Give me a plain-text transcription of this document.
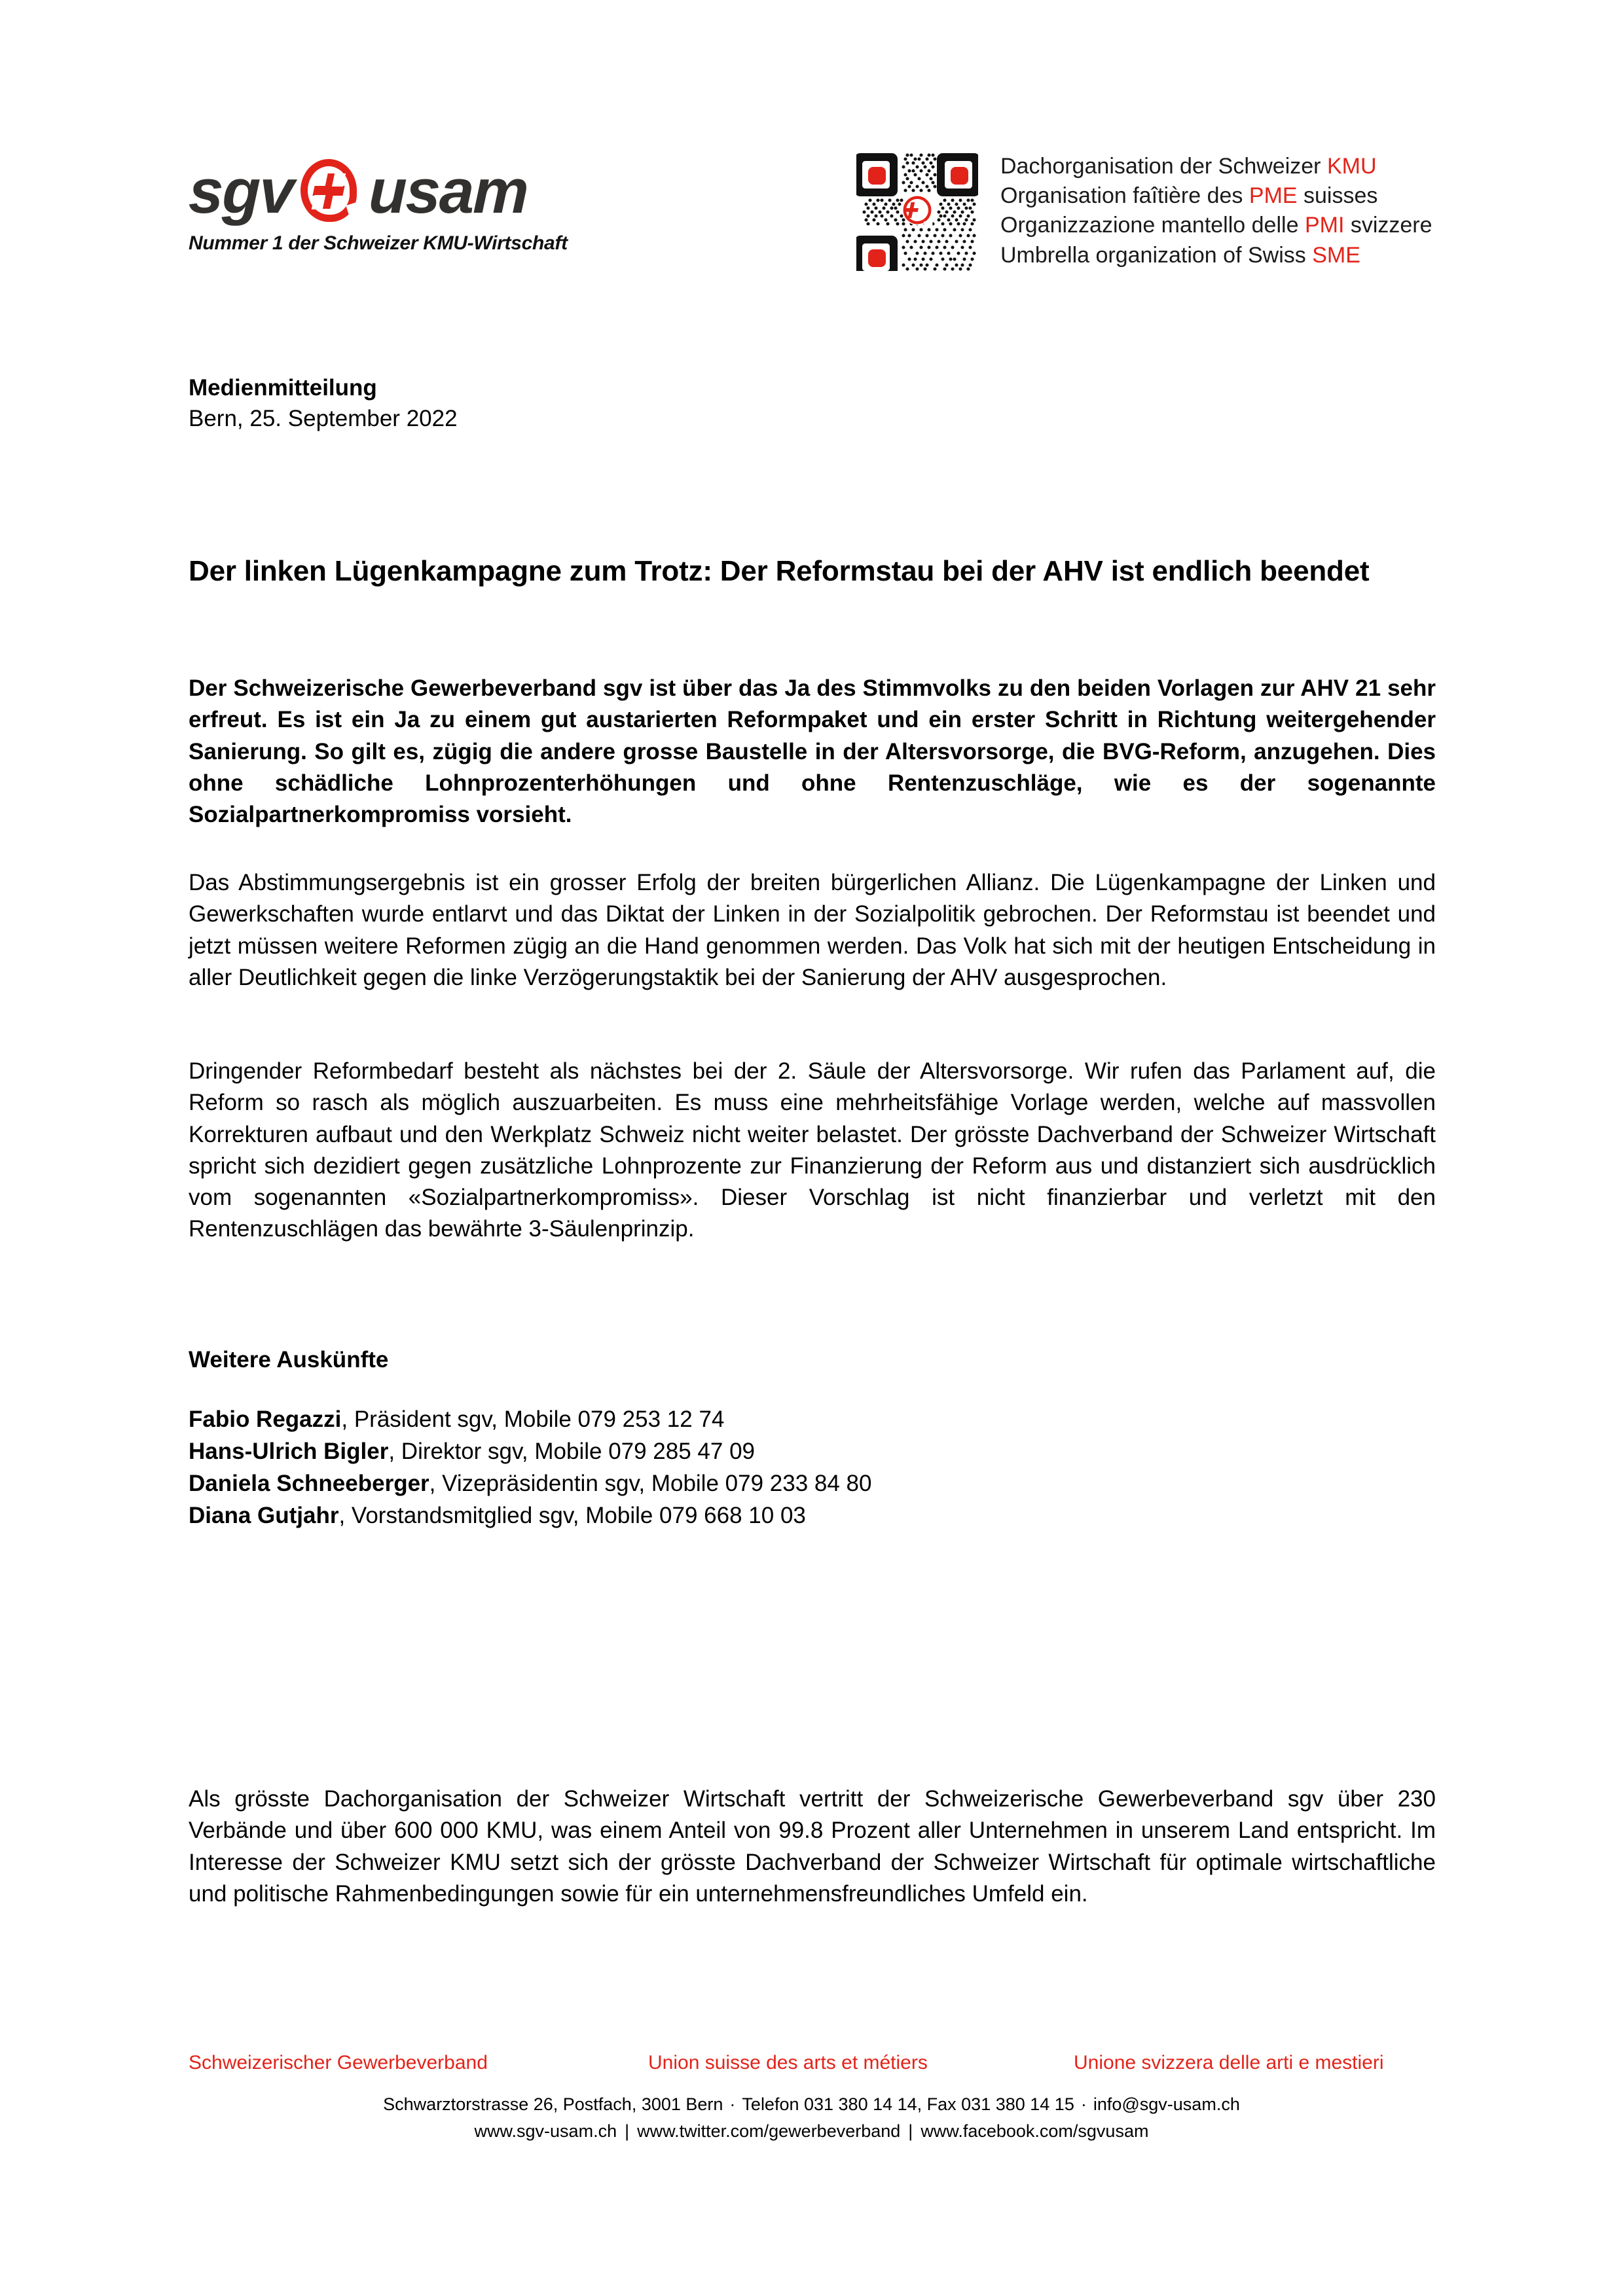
sgv usam
Nummer 1 der Schweizer KMU-Wirtschaft
Dachorganisation der Schweizer KMU
Organisation faîtière des PME suisses
Organizzazione mantello delle PMI svizzere
Umbrella organization of Swiss SME
Medienmitteilung
Bern, 25. September 2022
Der linken Lügenkampagne zum Trotz: Der Reformstau bei der AHV ist endlich beendet

Der Schweizerische Gewerbeverband sgv ist über das Ja des Stimmvolks zu den beiden Vorlagen zur AHV 21 sehr erfreut. Es ist ein Ja zu einem gut austarierten Reformpaket und ein erster Schritt in Richtung weitergehender Sanierung. So gilt es, zügig die andere grosse Baustelle in der Altersvorsorge, die BVG-Reform, anzugehen. Dies ohne schädliche Lohnprozenterhöhungen und ohne Rentenzuschläge, wie es der sogenannte Sozialpartnerkompromiss vorsieht.

Das Abstimmungsergebnis ist ein grosser Erfolg der breiten bürgerlichen Allianz. Die Lügenkampagne der Linken und Gewerkschaften wurde entlarvt und das Diktat der Linken in der Sozialpolitik gebrochen. Der Reformstau ist beendet und jetzt müssen weitere Reformen zügig an die Hand genommen werden. Das Volk hat sich mit der heutigen Entscheidung in aller Deutlichkeit gegen die linke Verzögerungstaktik bei der Sanierung der AHV ausgesprochen.

Dringender Reformbedarf besteht als nächstes bei der 2. Säule der Altersvorsorge. Wir rufen das Parlament auf, die Reform so rasch als möglich auszuarbeiten. Es muss eine mehrheitsfähige Vorlage werden, welche auf massvollen Korrekturen aufbaut und den Werkplatz Schweiz nicht weiter belastet. Der grösste Dachverband der Schweizer Wirtschaft spricht sich dezidiert gegen zusätzliche Lohnprozente zur Finanzierung der Reform aus und distanziert sich ausdrücklich vom sogenannten «Sozialpartnerkompromiss». Dieser Vorschlag ist nicht finanzierbar und verletzt mit den Rentenzuschlägen das bewährte 3-Säulenprinzip.

Weitere Auskünfte
Fabio Regazzi, Präsident sgv, Mobile 079 253 12 74
Hans-Ulrich Bigler, Direktor sgv, Mobile 079 285 47 09
Daniela Schneeberger, Vizepräsidentin sgv, Mobile 079 233 84 80
Diana Gutjahr, Vorstandsmitglied sgv, Mobile 079 668 10 03

Als grösste Dachorganisation der Schweizer Wirtschaft vertritt der Schweizerische Gewerbeverband sgv über 230 Verbände und über 600 000 KMU, was einem Anteil von 99.8 Prozent aller Unternehmen in unserem Land entspricht. Im Interesse der Schweizer KMU setzt sich der grösste Dachverband der Schweizer Wirtschaft für optimale wirtschaftliche und politische Rahmenbedingungen sowie für ein unternehmensfreundliches Umfeld ein.

Schweizerischer Gewerbeverband	Union suisse des arts et métiers	Unione svizzera delle arti e mestieri
Schwarztorstrasse 26, Postfach, 3001 Bern · Telefon 031 380 14 14, Fax 031 380 14 15 · info@sgv-usam.ch
www.sgv-usam.ch | www.twitter.com/gewerbeverband | www.facebook.com/sgvusam
